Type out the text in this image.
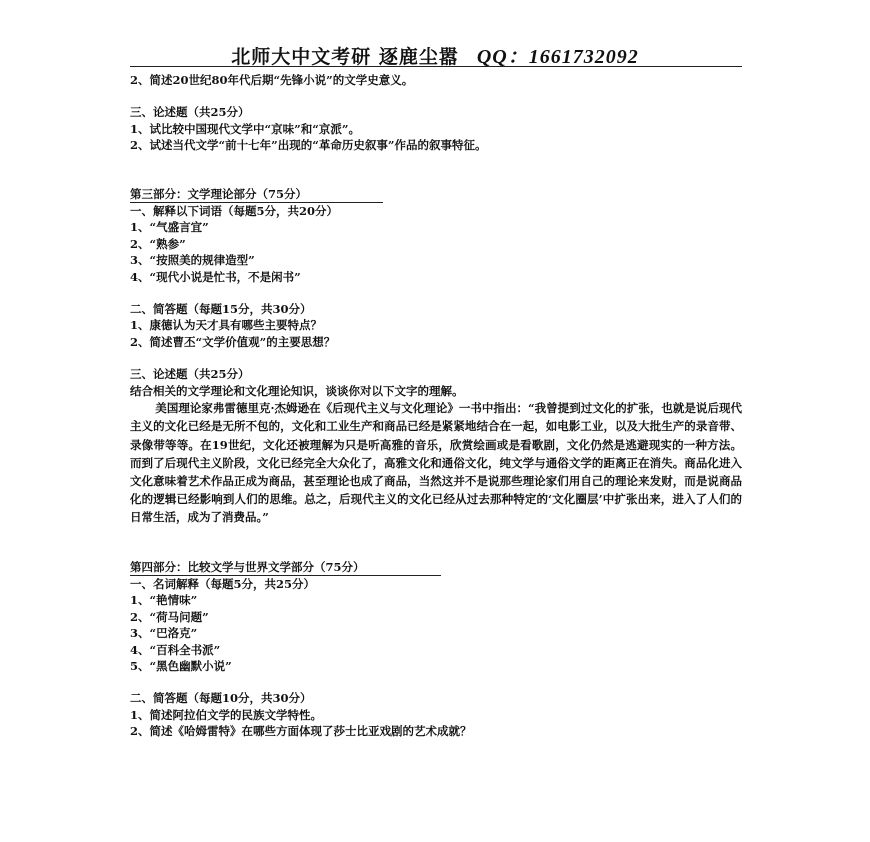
北师大中文考研 逐鹿尘嚣 QQ：1661732092
2、简述20世纪80年代后期“先锋小说”的文学史意义。
三、论述题（共25分）
1、试比较中国现代文学中“京味”和“京派”。
2、试述当代文学“前十七年”出现的“革命历史叙事”作品的叙事特征。
第三部分：文学理论部分（75分）
一、解释以下词语（每题5分，共20分）
1、“气盛言宜”
2、“熟参”
3、“按照美的规律造型”
4、“现代小说是忙书，不是闲书”
二、简答题（每题15分，共30分）
1、康德认为天才具有哪些主要特点？
2、简述曹丕“文学价值观”的主要思想？
三、论述题（共25分）
结合相关的文学理论和文化理论知识，谈谈你对以下文字的理解。
美国理论家弗雷德里克·杰姆逊在《后现代主义与文化理论》一书中指出：“我曾提到过文化的扩张，也就是说后现代主义的文化已经是无所不包的，文化和工业生产和商品已经是紧紧地结合在一起，如电影工业，以及大批生产的录音带、录像带等等。在19世纪，文化还被理解为只是听高雅的音乐，欣赏绘画或是看歌剧，文化仍然是逃避现实的一种方法。而到了后现代主义阶段，文化已经完全大众化了，高雅文化和通俗文化，纯文学与通俗文学的距离正在消失。商品化进入文化意味着艺术作品正成为商品，甚至理论也成了商品，当然这并不是说那些理论家们用自己的理论来发财，而是说商品化的逻辑已经影响到人们的思维。总之，后现代主义的文化已经从过去那种特定的‘文化圈层’中扩张出来，进入了人们的日常生活，成为了消费品。”
第四部分：比较文学与世界文学部分（75分）
一、名词解释（每题5分，共25分）
1、“艳情味”
2、“荷马问题”
3、“巴洛克”
4、“百科全书派”
5、“黑色幽默小说”
二、简答题（每题10分，共30分）
1、简述阿拉伯文学的民族文学特性。
2、简述《哈姆雷特》在哪些方面体现了莎士比亚戏剧的艺术成就？
